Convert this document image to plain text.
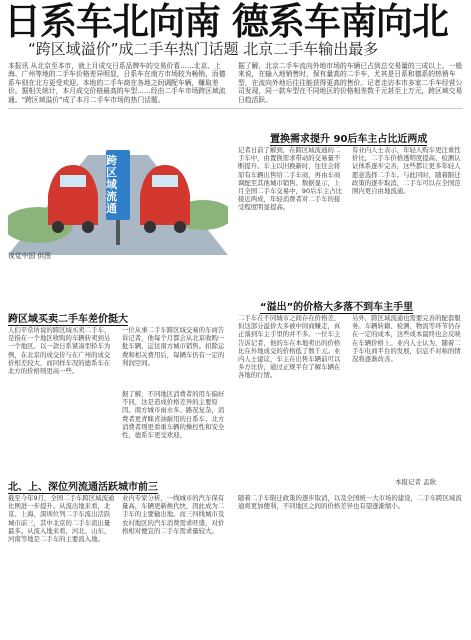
日系车北向南 德系车南向北
“跨区域溢价”成二手车热门话题 北京二手车输出最多
本报讯 从北京至本市，就上月成交日系品牌车的交易价看……北京、上海、广州等地的二手车价格差异明显，日系车在南方市场较为畅销，而德系车则在北方更受欢迎。本地的二手车商在各地之间调配车辆，赚取差价。据相关统计，本月成交价格最高的车型……经由二手车市场跨区域流通。“跨区域溢价”成了本月二手车市场的热门话题。
据了解，北京二手车流向外地市场的车辆已占到总交易量的三成以上。一般来说，在输入地销售时，保有量高的二手车，尤其是日系和德系的热销车型，在流向外地后往往能获得更高的售价。记者走访本市多家二手车经营公司发现，同一款车型在不同地区的价格相差数千元甚至上万元，跨区域交易日趋活跃。
跨区域流通
视觉中国 供图
置换需求提升 90后车主占比近两成
记者日前了解到，在跨区域流通的二手车中，由置换需求带动的交易量不断提升。车主以旧换新时，往往会将原有车辆出售给二手车商，再由车商调配至其他城市销售。数据显示，上月全国二手车交易中，90后车主占比接近两成，年轻消费者对二手车的接受程度明显提高。
有业内人士表示，年轻人购车更注重性价比，二手车价格透明度提高、检测认证体系逐步完善，这些都让更多年轻人愿意选择二手车。与此同时，随着限迁政策的逐步取消，二手车可以在全国范围内更自由地流通。
“溢出”的价格大多落不到车主手里
二手车在不同城市之间存在价格差，但这部分溢价大多被中间商赚走，真正落到车主手里的并不多。一位车主告诉记者，他的车在本地卖出的价格比在外地成交的价格低了数千元。业内人士建议，车主在出售车辆前可以多方比价，通过正规平台了解车辆在各地的行情。
另外，跨区域流通也需要完善的配套服务。车辆转籍、检测、物流等环节仍存在一定的成本，这些成本最终也会反映在车辆价格上。业内人士认为，随着二手车电商平台的发展，信息不对称的情况将逐渐改善。
本报记者 孟耿
跨区域买卖二手车差价挺大
人们平常所说的跨区域买卖二手车，是指在一个地区收购的车辆转卖到另一个地区。以一款日系紧凑型轿车为例，在北京的成交价与在广州的成交价相差较大，而同样车况的德系车在北方的价格则更高一些。
一位从事二手车跨区域交易的车商告诉记者，他每个月都会从北京收购一批车辆，运往南方城市销售。扣除运费和相关费用后，每辆车仍有一定的利润空间。
据了解，不同地区消费者的用车偏好不同，这是造成价格差异的主要原因。南方城市雨水多、路况复杂，消费者更青睐省油耐用的日系车；北方消费者则更看重车辆的操控性和安全性，德系车更受欢迎。
北、上、深位列流通活跃城市前三
截至今年9月，全国二手车跨区域流通比例进一步提升。从流出地来看，北京、上海、深圳位列二手车流出活跃城市前三，其中北京的二手车流出量最多。从流入地来看，河北、山东、河南等地是二手车的主要流入地。
业内专家分析，一线城市的汽车保有量高，车辆更新换代快，因此成为二手车的主要输出地。而三四线城市及农村地区的汽车消费需求旺盛，对价格相对便宜的二手车需求量较大。
随着二手车限迁政策的逐步取消，以及全国统一大市场的建设，二手车跨区域流通将更加便利，不同地区之间的价格差异也有望逐渐缩小。
